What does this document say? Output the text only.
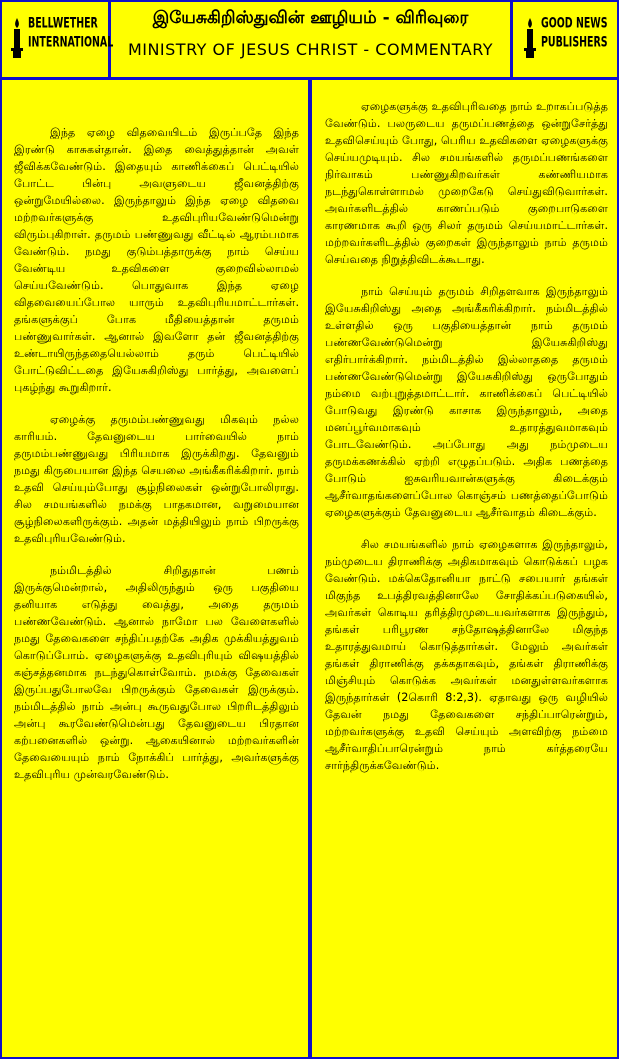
BELLWETHER
INTERNATIONAL
இயேசுகிறிஸ்துவின் ஊழியம் - விரிவுரை
MINISTRY OF JESUS CHRIST - COMMENTARY
GOOD NEWS
PUBLISHERS

இந்த ஏழை விதவையிடம் இருப்பதே இந்த இரண்டு காசுகள்தான். இதை வைத்துத்தான் அவள் ஜீவிக்கவேண்டும். இதையும் காணிக்கைப் பெட்டியில் போட்ட பின்பு அவளுடைய ஜீவனத்திற்கு ஒன்றுமேயில்லை. இருந்தாலும் இந்த ஏழை விதவை மற்றவர்களுக்கு உதவிபுரியவேண்டுமென்று விரும்புகிறாள். தருமம் பண்ணுவது வீட்டில் ஆரம்பமாக வேண்டும். நமது குடும்பத்தாருக்கு நாம் செய்ய வேண்டிய உதவிகளை குறைவில்லாமல் செய்யவேண்டும். பொதுவாக இந்த ஏழை விதவையைப்போல யாரும் உதவிபுரியமாட்டார்கள். தங்களுக்குப் போக மீதியைத்தான் தருமம் பண்ணுவார்கள். ஆனால் இவளோ தன் ஜீவனத்திற்கு உண்டாயிருந்ததையெல்லாம் தரும் பெட்டியில் போட்டுவிட்டதை இயேசுகிறிஸ்து பார்த்து, அவளைப் புகழ்ந்து கூறுகிறார்.

ஏழைக்கு தருமம்பண்ணுவது மிகவும் நல்ல காரியம். தேவனுடைய பார்வையில் நாம் தருமம்பண்ணுவது பிரியமாக இருக்கிறது. தேவனும் நமது கிருபையான இந்த செயலை அங்கீகரிக்கிறார். நாம் உதவி செய்யும்போது சூழ்நிலைகள் ஒன்றுபோலிராது. சில சமயங்களில் நமக்கு பாதகமான, வறுமையான சூழ்நிலைகளிருக்கும். அதன் மத்தியிலும் நாம் பிறருக்கு உதவிபுரியவேண்டும்.

நம்மிடத்தில் சிறிதுதான் பணம் இருக்குமென்றால், அதிலிருந்தும் ஒரு பகுதியை தனியாக எடுத்து வைத்து, அதை தருமம் பண்ணவேண்டும். ஆனால் நாமோ பல வேளைகளில் நமது தேவைகளை சந்திப்பதற்கே அதிக முக்கியத்துவம் கொடுப்போம். ஏழைகளுக்கு உதவிபுரியும் விஷயத்தில் கஞ்சத்தனமாக நடந்துகொள்வோம். நமக்கு தேவைகள் இருப்பதுபோலவே பிறருக்கும் தேவைகள் இருக்கும். நம்மிடத்தில் நாம் அன்பு கூருவதுபோல பிறரிடத்திலும் அன்பு கூரவேண்டுமென்பது தேவனுடைய பிரதான கற்பனைகளில் ஒன்று. ஆகையினால் மற்றவர்களின் தேவையையும் நாம் நோக்கிப் பார்த்து, அவர்களுக்கு உதவிபுரிய முன்வரவேண்டும்.

ஏழைகளுக்கு உதவிபுரிவதை நாம் உறாகப்படுத்த வேண்டும். பலருடைய தருமப்பணத்தை ஒன்றுசேர்த்து உதவிசெய்யும் போது, பெரிய உதவிகளை ஏழைகளுக்கு செய்யமுடியும். சில சமயங்களில் தருமப்பணங்களை நிர்வாகம் பண்ணுகிறவர்கள் கண்ணியமாக நடந்துகொள்ளாமல் முறைகேடு செய்துவிடுவார்கள். அவர்களிடத்தில் காணப்படும் குறைபாடுகளை காரணமாக கூறி ஒரு சிலர் தருமம் செய்யமாட்டார்கள். மற்றவர்களிடத்தில் குறைகள் இருந்தாலும் நாம் தருமம் செய்வதை நிறுத்திவிடக்கூடாது.

நாம் செய்யும் தருமம் சிறிதளவாக இருந்தாலும் இயேசுகிறிஸ்து அதை அங்கீகரிக்கிறார். நம்மிடத்தில் உள்ளதில் ஒரு பகுதியைத்தான் நாம் தருமம் பண்ணவேண்டுமென்று இயேசுகிறிஸ்து எதிர்பார்க்கிறார். நம்மிடத்தில் இல்லாததை தருமம் பண்ணவேண்டுமென்று இயேசுகிறிஸ்து ஒருபோதும் நம்மை வற்புறுத்தமாட்டார். காணிக்கைப் பெட்டியில் போடுவது இரண்டு காசாக இருந்தாலும், அதை மனப்பூர்வமாகவும் உதாரத்துவமாகவும் போடவேண்டும். அப்போது அது நம்முடைய தருமக்கணக்கில் ஏற்றி எழுதப்படும். அதிக பணத்தை போடும் ஐசுவரியவான்களுக்கு கிடைக்கும் ஆசீர்வாதங்களைப்போல கொஞ்சம் பணத்தைப்போடும் ஏழைகளுக்கும் தேவனுடைய ஆசீர்வாதம் கிடைக்கும்.

சில சமயங்களில் நாம் ஏழைகளாக இருந்தாலும், நம்முடைய திராணிக்கு அதிகமாகவும் கொடுக்கப் பழக வேண்டும். மக்கெதோனியா நாட்டு சபையார் தங்கள் மிகுந்த உபத்திரவத்தினாலே சோதிக்கப்படுகையில், அவர்கள் கொடிய தரித்திரமுடையவர்களாக இருந்தும், தங்கள் பரிபூரண சந்தோஷத்தினாலே மிகுந்த உதாரத்துவமாய் கொடுத்தார்கள். மேலும் அவர்கள் தங்கள் திராணிக்கு தக்கதாகவும், தங்கள் திராணிக்கு மிஞ்சியும் கொடுக்க அவர்கள் மனதுள்ளவர்களாக இருந்தார்கள் (2கொரி 8:2,3). ஏதாவது ஒரு வழியில் தேவன் நமது தேவைகளை சந்திப்பாரென்றும், மற்றவர்களுக்கு உதவி செய்யும் அளவிற்கு நம்மை ஆசீர்வாதிப்பாரென்றும் நாம் கர்த்தரையே சார்ந்திருக்கவேண்டும்.
